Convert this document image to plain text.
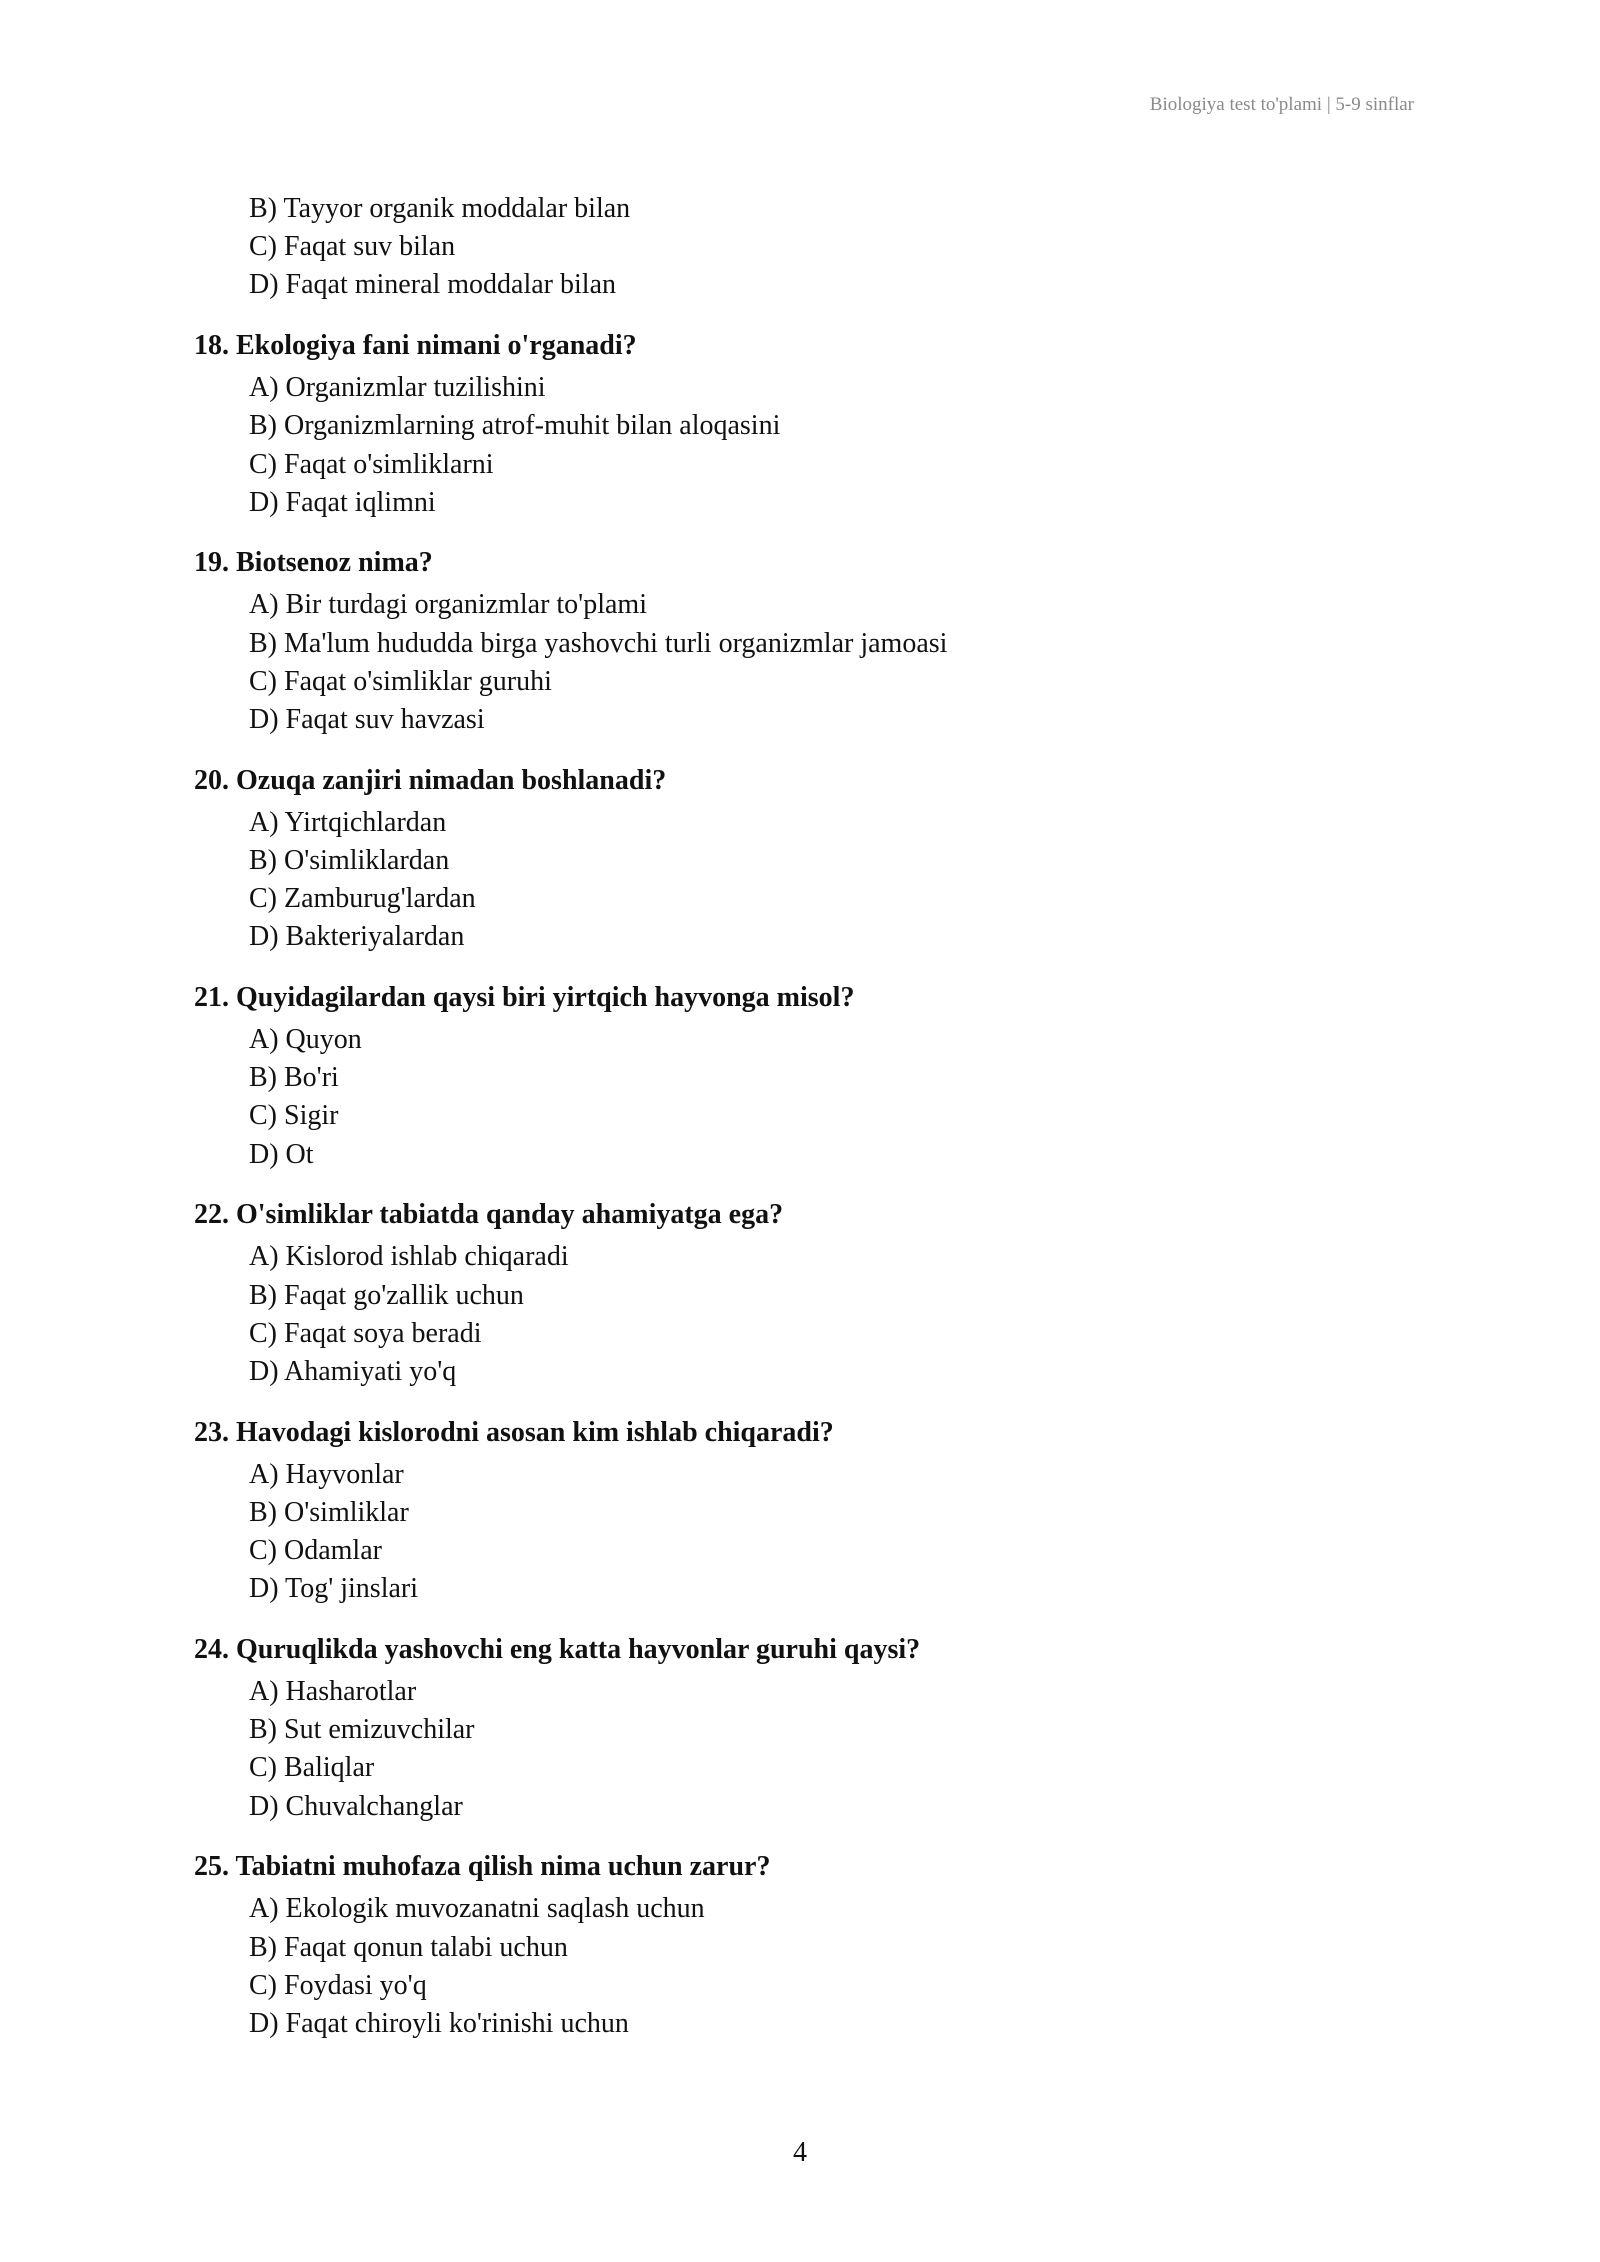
Biologiya test to'plami | 5-9 sinflar
B) Tayyor organik moddalar bilan
C) Faqat suv bilan
D) Faqat mineral moddalar bilan
18. Ekologiya fani nimani o'rganadi?
A) Organizmlar tuzilishini
B) Organizmlarning atrof-muhit bilan aloqasini
C) Faqat o'simliklarni
D) Faqat iqlimni
19. Biotsenoz nima?
A) Bir turdagi organizmlar to'plami
B) Ma'lum hududda birga yashovchi turli organizmlar jamoasi
C) Faqat o'simliklar guruhi
D) Faqat suv havzasi
20. Ozuqa zanjiri nimadan boshlanadi?
A) Yirtqichlardan
B) O'simliklardan
C) Zamburug'lardan
D) Bakteriyalardan
21. Quyidagilardan qaysi biri yirtqich hayvonga misol?
A) Quyon
B) Bo'ri
C) Sigir
D) Ot
22. O'simliklar tabiatda qanday ahamiyatga ega?
A) Kislorod ishlab chiqaradi
B) Faqat go'zallik uchun
C) Faqat soya beradi
D) Ahamiyati yo'q
23. Havodagi kislorodni asosan kim ishlab chiqaradi?
A) Hayvonlar
B) O'simliklar
C) Odamlar
D) Tog' jinslari
24. Quruqlikda yashovchi eng katta hayvonlar guruhi qaysi?
A) Hasharotlar
B) Sut emizuvchilar
C) Baliqlar
D) Chuvalchanglar
25. Tabiatni muhofaza qilish nima uchun zarur?
A) Ekologik muvozanatni saqlash uchun
B) Faqat qonun talabi uchun
C) Foydasi yo'q
D) Faqat chiroyli ko'rinishi uchun
4
